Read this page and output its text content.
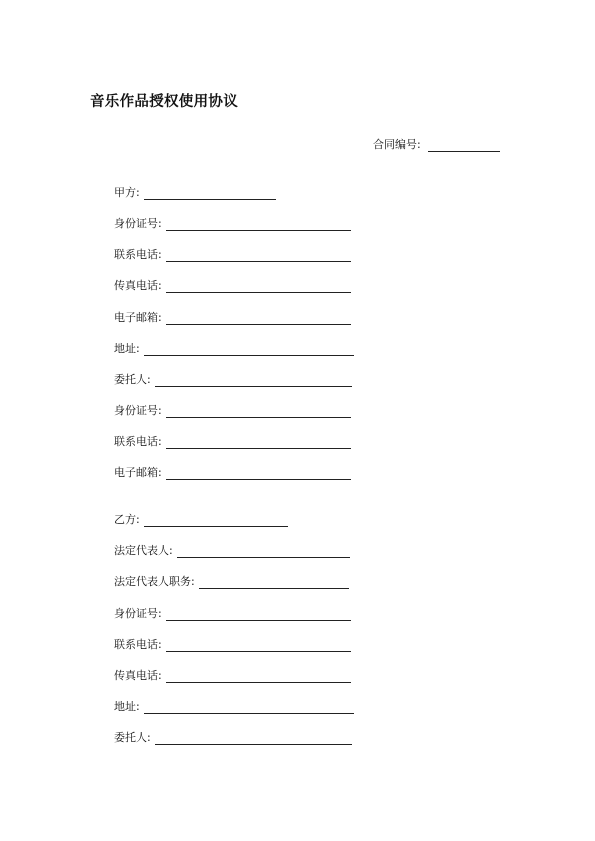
音乐作品授权使用协议
合同编号:
甲方:
身份证号:
联系电话:
传真电话:
电子邮箱:
地址:
委托人:
身份证号:
联系电话:
电子邮箱:
乙方:
法定代表人:
法定代表人职务:
身份证号:
联系电话:
传真电话:
地址:
委托人:
